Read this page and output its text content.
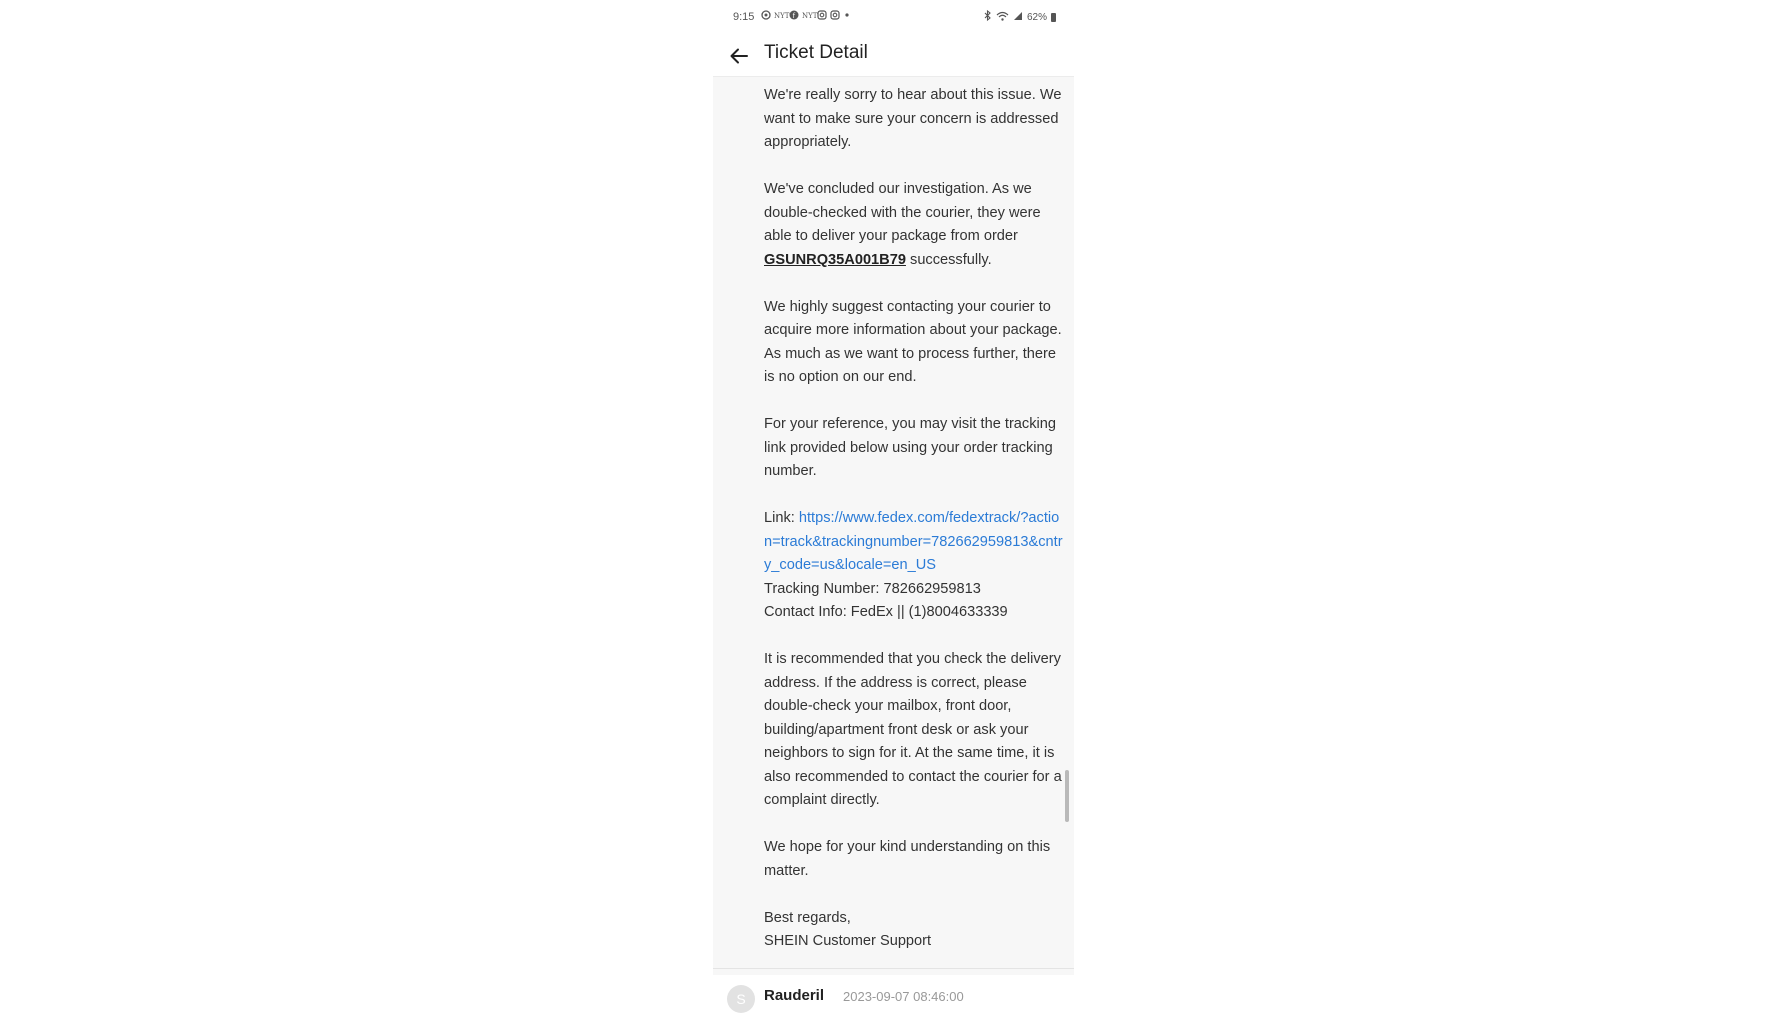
9:15	NYT f NYT	62%
Ticket Detail

We're really sorry to hear about this issue. We want to make sure your concern is addressed appropriately.

We've concluded our investigation. As we double-checked with the courier, they were able to deliver your package from order GSUNRQ35A001B79 successfully.

We highly suggest contacting your courier to acquire more information about your package. As much as we want to process further, there is no option on our end.

For your reference, you may visit the tracking link provided below using your order tracking number.

Link: https://www.fedex.com/fedextrack/?action=track&trackingnumber=782662959813&cntry_code=us&locale=en_US
Tracking Number: 782662959813
Contact Info: FedEx || (1)8004633339

It is recommended that you check the delivery address. If the address is correct, please double-check your mailbox, front door, building/apartment front desk or ask your neighbors to sign for it. At the same time, it is also recommended to contact the courier for a complaint directly.

We hope for your kind understanding on this matter.

Best regards,
SHEIN Customer Support

S	Rauderil 2023-09-07 08:46:00
